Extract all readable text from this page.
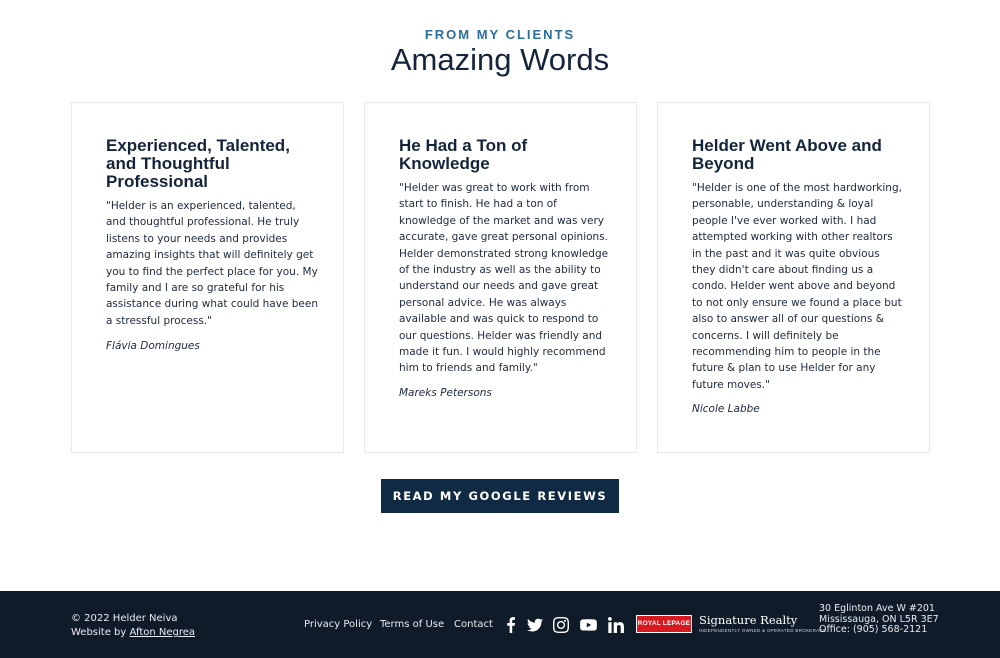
FROM MY CLIENTS
Amazing Words
Experienced, Talented, and Thoughtful Professional

"Helder is an experienced, talented, and thoughtful professional. He truly listens to your needs and provides amazing insights that will definitely get you to find the perfect place for you. My family and I are so grateful for his assistance during what could have been a stressful process."

Flávia Domingues

He Had a Ton of Knowledge

"Helder was great to work with from start to finish. He had a ton of knowledge of the market and was very accurate, gave great personal opinions. Helder demonstrated strong knowledge of the industry as well as the ability to understand our needs and gave great personal advice. He was always available and was quick to respond to our questions. Helder was friendly and made it fun. I would highly recommend him to friends and family."

Mareks Petersons

Helder Went Above and Beyond

"Helder is one of the most hardworking, personable, understanding & loyal people I've ever worked with. I had attempted working with other realtors in the past and it was quite obvious they didn't care about finding us a condo. Helder went above and beyond to not only ensure we found a place but also to answer all of our questions & concerns. I will definitely be recommending him to people in the future & plan to use Helder for any future moves."

Nicole Labbe

READ MY GOOGLE REVIEWS
© 2022 Helder Neiva
Website by Afton Negrea
Privacy Policy Terms of Use Contact	ROYAL LEPAGE Signature Realty
INDEPENDENTLY OWNED & OPERATED BROKERAGE
30 Eglinton Ave W #201
Mississauga, ON L5R 3E7
Office: (905) 568-2121
